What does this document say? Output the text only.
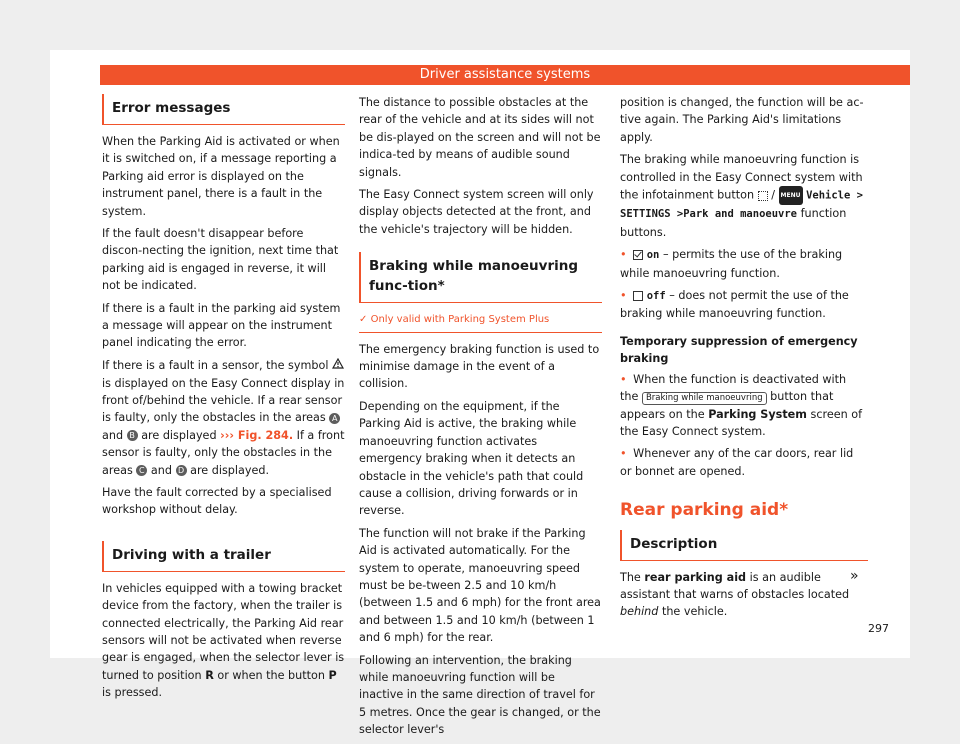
Driver assistance systems
Error messages

When the Parking Aid is activated or when it is switched on, if a message reporting a Parking aid error is displayed on the instrument panel, there is a fault in the system.

If the fault doesn't disappear before discon-necting the ignition, next time that parking aid is engaged in reverse, it will not be indicated.

If there is a fault in the parking aid system a message will appear on the instrument panel indicating the error.

If there is a fault in a sensor, the symbol  is displayed on the Easy Connect display in front of/behind the vehicle. If a rear sensor is faulty, only the obstacles in the areas A and B are displayed ››› Fig. 284. If a front sensor is faulty, only the obstacles in the areas C and D are displayed.

Have the fault corrected by a specialised workshop without delay.

Driving with a trailer

In vehicles equipped with a towing bracket device from the factory, when the trailer is connected electrically, the Parking Aid rear sensors will not be activated when reverse gear is engaged, when the selector lever is turned to position R or when the button P is pressed.

The distance to possible obstacles at the rear of the vehicle and at its sides will not be dis-played on the screen and will not be indica-ted by means of audible sound signals.

The Easy Connect system screen will only display objects detected at the front, and the vehicle's trajectory will be hidden.

Braking while manoeuvring func-tion*
✓ Only valid with Parking System Plus

The emergency braking function is used to minimise damage in the event of a collision.

Depending on the equipment, if the Parking Aid is active, the braking while manoeuvring function activates emergency braking when it detects an obstacle in the vehicle's path that could cause a collision, driving forwards or in reverse.

The function will not brake if the Parking Aid is activated automatically. For the system to operate, manoeuvring speed must be be-tween 2.5 and 10 km/h (between 1.5 and 6 mph) for the front area and between 1.5 and 10 km/h (between 1 and 6 mph) for the rear.

Following an intervention, the braking while manoeuvring function will be inactive in the same direction of travel for 5 metres. Once the gear is changed, or the selector lever's

position is changed, the function will be ac-tive again. The Parking Aid's limitations apply.

The braking while manoeuvring function is controlled in the Easy Connect system with the infotainment button / MENU Vehicle > SETTINGS >Park and manoeuvre function buttons.

• on – permits the use of the braking while manoeuvring function.

• off – does not permit the use of the braking while manoeuvring function.

Temporary suppression of emergency braking

• When the function is deactivated with the Braking while manoeuvring button that appears on the Parking System screen of the Easy Connect system.

• Whenever any of the car doors, rear lid or bonnet are opened.

Rear parking aid*
Description

The rear parking aid is an audible assistant that warns of obstacles located behind the vehicle.

»
297
